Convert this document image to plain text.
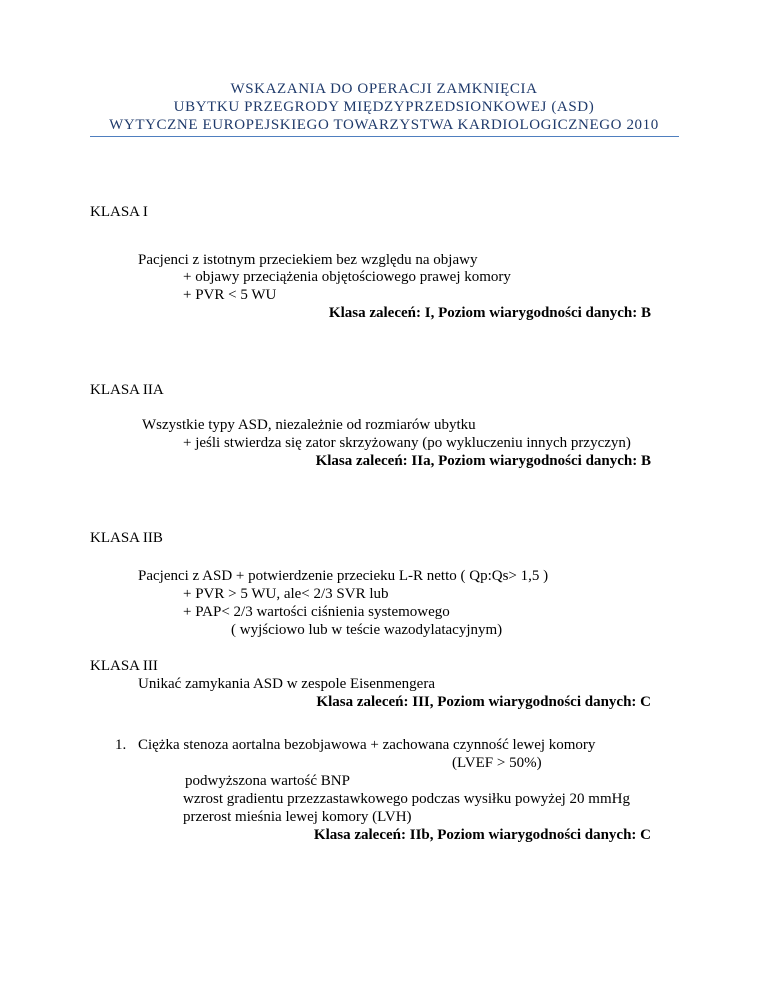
WSKAZANIA DO OPERACJI ZAMKNIĘCIA
UBYTKU PRZEGRODY MIĘDZYPRZEDSIONKOWEJ (ASD)
WYTYCZNE EUROPEJSKIEGO TOWARZYSTWA KARDIOLOGICZNEGO 2010
KLASA I
Pacjenci z istotnym przeciekiem bez względu na objawy
+ objawy przeciążenia objętościowego prawej komory
+ PVR < 5 WU
Klasa zaleceń: I, Poziom wiarygodności danych: B
KLASA IIA
Wszystkie typy ASD, niezależnie od rozmiarów ubytku
+ jeśli stwierdza się zator skrzyżowany (po wykluczeniu innych przyczyn)
Klasa zaleceń: IIa, Poziom wiarygodności danych: B
KLASA IIB
Pacjenci z ASD + potwierdzenie przecieku L-R netto ( Qp:Qs> 1,5 )
+ PVR > 5 WU, ale< 2/3 SVR lub
+ PAP< 2/3 wartości ciśnienia systemowego
( wyjściowo lub w teście wazodylatacyjnym)
KLASA III
Unikać zamykania ASD w zespole Eisenmengera
Klasa zaleceń: III, Poziom wiarygodności danych: C
1. Ciężka stenoza aortalna bezobjawowa + zachowana czynność lewej komory
(LVEF > 50%)
podwyższona wartość BNP
wzrost gradientu przezzastawkowego podczas wysiłku powyżej 20 mmHg
przerost mieśnia lewej komory (LVH)
Klasa zaleceń: IIb, Poziom wiarygodności danych: C
